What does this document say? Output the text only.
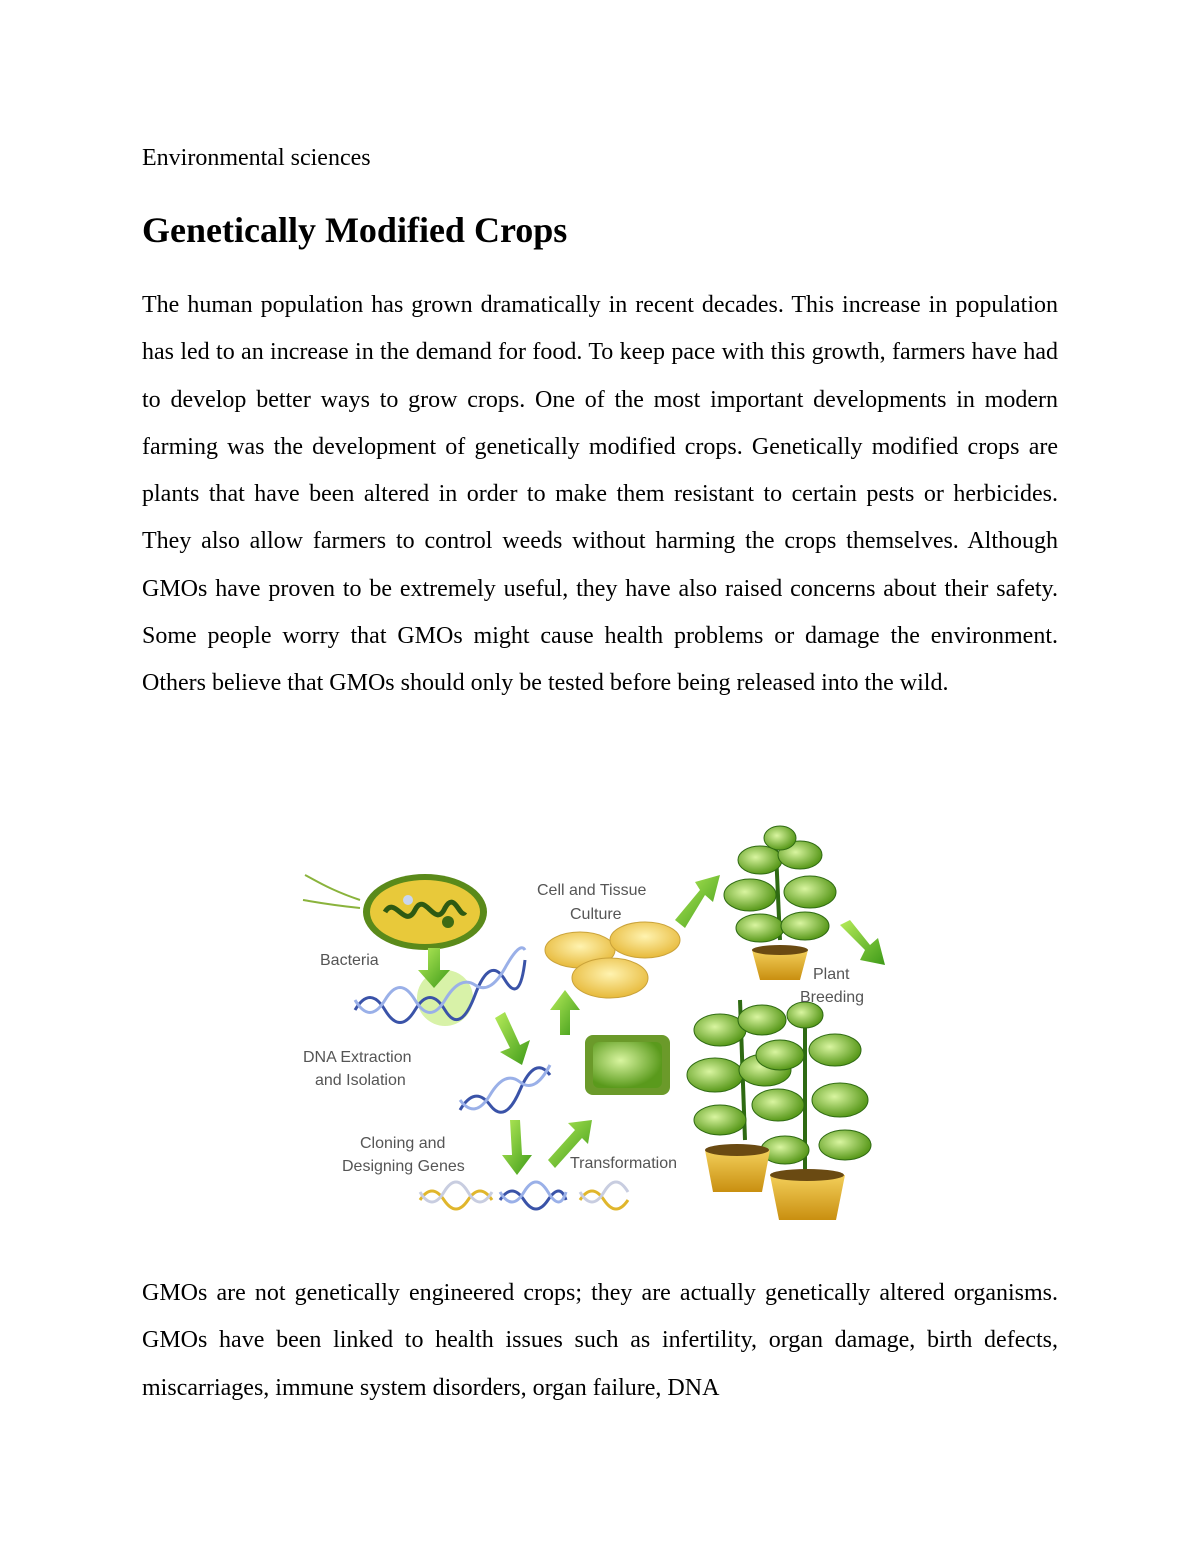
Environmental sciences

Genetically Modified Crops

The human population has grown dramatically in recent decades. This increase in population has led to an increase in the demand for food. To keep pace with this growth, farmers have had to develop better ways to grow crops. One of the most important developments in modern farming was the development of genetically modified crops. Genetically modified crops are plants that have been altered in order to make them resistant to certain pests or herbicides. They also allow farmers to control weeds without harming the crops themselves. Although GMOs have proven to be extremely useful, they have also raised concerns about their safety. Some people worry that GMOs might cause health problems or damage the environment. Others believe that GMOs should only be tested before being released into the wild.

Bacteria
Cell and Tissue
Culture
Plant
Breeding
DNA Extraction
and Isolation
Cloning and
Designing Genes	Transformation

GMOs are not genetically engineered crops; they are actually genetically altered organisms. GMOs have been linked to health issues such as infertility, organ damage, birth defects, miscarriages, immune system disorders, organ failure, DNA
